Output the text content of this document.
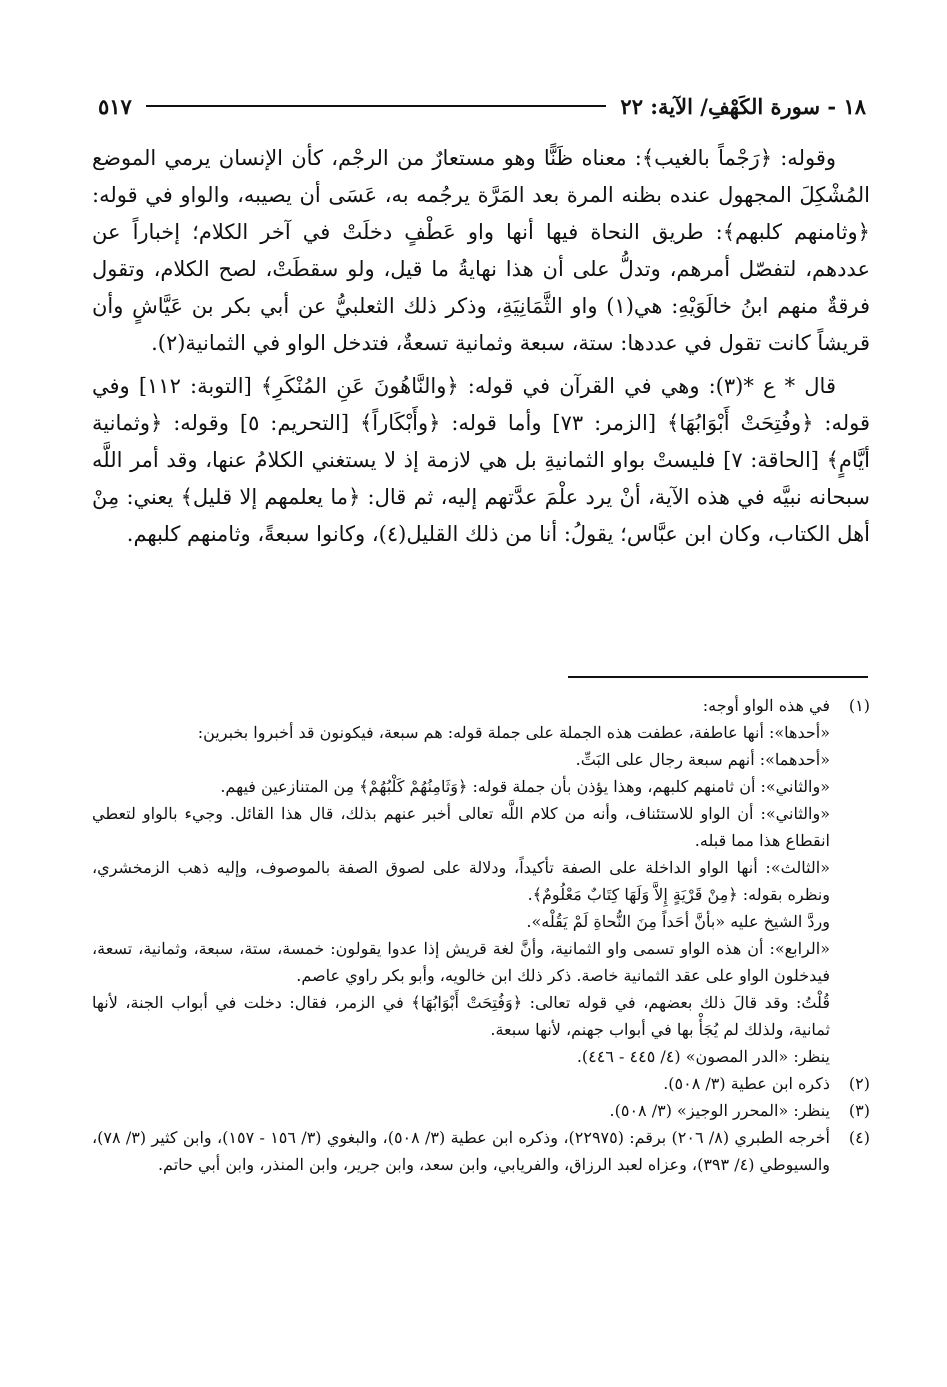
١٨ - سورة الكَهْفِ/ الآية: ٢٢
٥١٧

وقوله: ﴿رَجْماً بالغيب﴾: معناه ظَنًّا وهو مستعارٌ من الرجْم، كأن الإنسان يرمي الموضع المُشْكِلَ المجهول عنده بظنه المرة بعد المَرَّة يرجُمه به، عَسَى أن يصيبه، والواو في قوله: ﴿وثامنهم كلبهم﴾: طريق النحاة فيها أنها واو عَطْفٍ دخلَتْ في آخر الكلام؛ إخباراً عن عددهم، لتفصّل أمرهم، وتدلُّ على أن هذا نهايةُ ما قيل، ولو سقطَتْ، لصح الكلام، وتقول فرقةٌ منهم ابنُ خالَوَيْهِ: هي(١) واو الثَّمَانِيَةِ، وذكر ذلك الثعلبيُّ عن أبي بكر بن عَيَّاشٍ وأن قريشاً كانت تقول في عددها: ستة، سبعة وثمانية تسعةٌ، فتدخل الواو في الثمانية(٢).

قال * ع *(٣): وهي في القرآن في قوله: ﴿والنَّاهُونَ عَنِ المُنْكَرِ﴾ [التوبة: ١١٢] وفي قوله: ﴿وفُتِحَتْ أَبْوَابُهَا﴾ [الزمر: ٧٣] وأما قوله: ﴿وأَبْكَاراً﴾ [التحريم: ٥] وقوله: ﴿وثمانية أيَّامٍ﴾ [الحاقة: ٧] فليستْ بواو الثمانيةِ بل هي لازمة إذ لا يستغني الكلامُ عنها، وقد أمر اللَّه سبحانه نبيَّه في هذه الآية، أنْ يرد علْمَ عدَّتهم إليه، ثم قال: ﴿ما يعلمهم إلا قليل﴾ يعني: مِنْ أهل الكتاب، وكان ابن عبَّاس؛ يقولُ: أنا من ذلك القليل(٤)، وكانوا سبعةً، وثامنهم كلبهم.

(١)
في هذه الواو أوجه:
«أحدها»: أنها عاطفة، عطفت هذه الجملة على جملة قوله: هم سبعة، فيكونون قد أخبروا بخبرين:
«أحدهما»: أنهم سبعة رجال على البَتِّ.
«والثاني»: أن ثامنهم كلبهم، وهذا يؤذن بأن جملة قوله: ﴿وَثَامِنُهُمْ كَلْبُهُمْ﴾ مِن المتنازعين فيهم.
«والثاني»: أن الواو للاستئناف، وأنه من كلام اللَّه تعالى أخبر عنهم بذلك، قال هذا القائل. وجيء بالواو لتعطي انقطاع هذا مما قبله.
«الثالث»: أنها الواو الداخلة على الصفة تأكيداً، ودلالة على لصوق الصفة بالموصوف، وإليه ذهب الزمخشري، ونظره بقوله: ﴿مِنْ قَرْيَةٍ إِلاَّ وَلَهَا كِتَابٌ مَعْلُومٌ﴾.
وردَّ الشيخ عليه «بأنَّ أحَداً مِنَ النُّحاةِ لَمْ يَقُلْه».
«الرابع»: أن هذه الواو تسمى واو الثمانية، وأنَّ لغة قريش إذا عدوا يقولون: خمسة، ستة، سبعة، وثمانية، تسعة، فيدخلون الواو على عقد الثمانية خاصة. ذكر ذلك ابن خالويه، وأبو بكر راوي عاصم.
قُلْتُ: وقد قالَ ذلك بعضهم، في قوله تعالى: ﴿وَفُتِحَتْ أَبْوَابُهَا﴾ في الزمر، فقال: دخلت في أبواب الجنة، لأنها ثمانية، ولذلك لم يُجَأْ بها في أبواب جهنم، لأنها سبعة.
ينظر: «الدر المصون» (٤/ ٤٤٥ - ٤٤٦).
(٢)
ذكره ابن عطية (٣/ ٥٠٨).
(٣)
ينظر: «المحرر الوجيز» (٣/ ٥٠٨).
(٤)
أخرجه الطبري (٨/ ٢٠٦) برقم: (٢٢٩٧٥)، وذكره ابن عطية (٣/ ٥٠٨)، والبغوي (٣/ ١٥٦ - ١٥٧)، وابن كثير (٣/ ٧٨)، والسيوطي (٤/ ٣٩٣)، وعزاه لعبد الرزاق، والفريابي، وابن سعد، وابن جرير، وابن المنذر، وابن أبي حاتم.
